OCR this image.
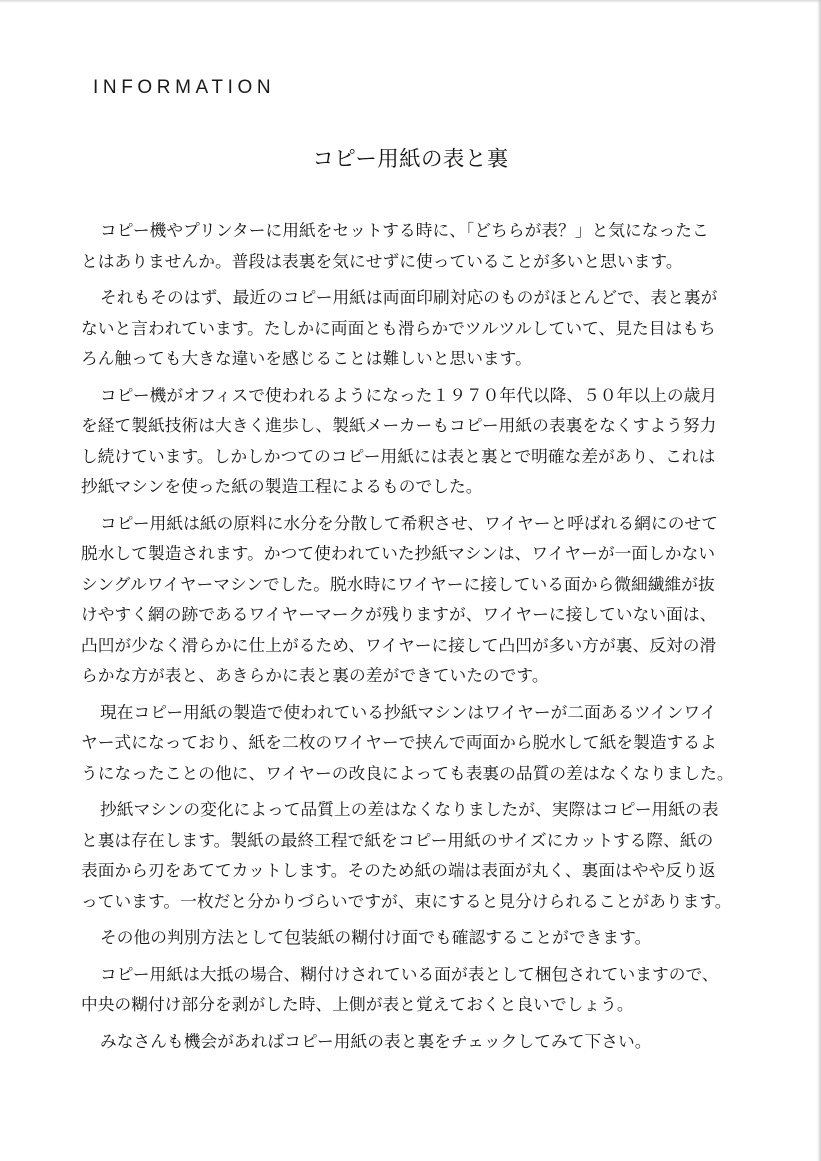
INFORMATION
コピー用紙の表と裏
コピー機やプリンターに用紙をセットする時に、「どちらが表？」と気になったこ
とはありませんか。普段は表裏を気にせずに使っていることが多いと思います。
それもそのはず、最近のコピー用紙は両面印刷対応のものがほとんどで、表と裏が
ないと言われています。たしかに両面とも滑らかでツルツルしていて、見た目はもち
ろん触っても大きな違いを感じることは難しいと思います。
コピー機がオフィスで使われるようになった１９７０年代以降、５０年以上の歳月
を経て製紙技術は大きく進歩し、製紙メーカーもコピー用紙の表裏をなくすよう努力
し続けています。しかしかつてのコピー用紙には表と裏とで明確な差があり、これは
抄紙マシンを使った紙の製造工程によるものでした。
コピー用紙は紙の原料に水分を分散して希釈させ、ワイヤーと呼ばれる網にのせて
脱水して製造されます。かつて使われていた抄紙マシンは、ワイヤーが一面しかない
シングルワイヤーマシンでした。脱水時にワイヤーに接している面から微細繊維が抜
けやすく網の跡であるワイヤーマークが残りますが、ワイヤーに接していない面は、
凸凹が少なく滑らかに仕上がるため、ワイヤーに接して凸凹が多い方が裏、反対の滑
らかな方が表と、あきらかに表と裏の差ができていたのです。
現在コピー用紙の製造で使われている抄紙マシンはワイヤーが二面あるツインワイ
ヤー式になっており、紙を二枚のワイヤーで挟んで両面から脱水して紙を製造するよ
うになったことの他に、ワイヤーの改良によっても表裏の品質の差はなくなりました。
抄紙マシンの変化によって品質上の差はなくなりましたが、実際はコピー用紙の表
と裏は存在します。製紙の最終工程で紙をコピー用紙のサイズにカットする際、紙の
表面から刃をあててカットします。そのため紙の端は表面が丸く、裏面はやや反り返
っています。一枚だと分かりづらいですが、束にすると見分けられることがあります。
その他の判別方法として包装紙の糊付け面でも確認することができます。
コピー用紙は大抵の場合、糊付けされている面が表として梱包されていますので、
中央の糊付け部分を剥がした時、上側が表と覚えておくと良いでしょう。
みなさんも機会があればコピー用紙の表と裏をチェックしてみて下さい。
